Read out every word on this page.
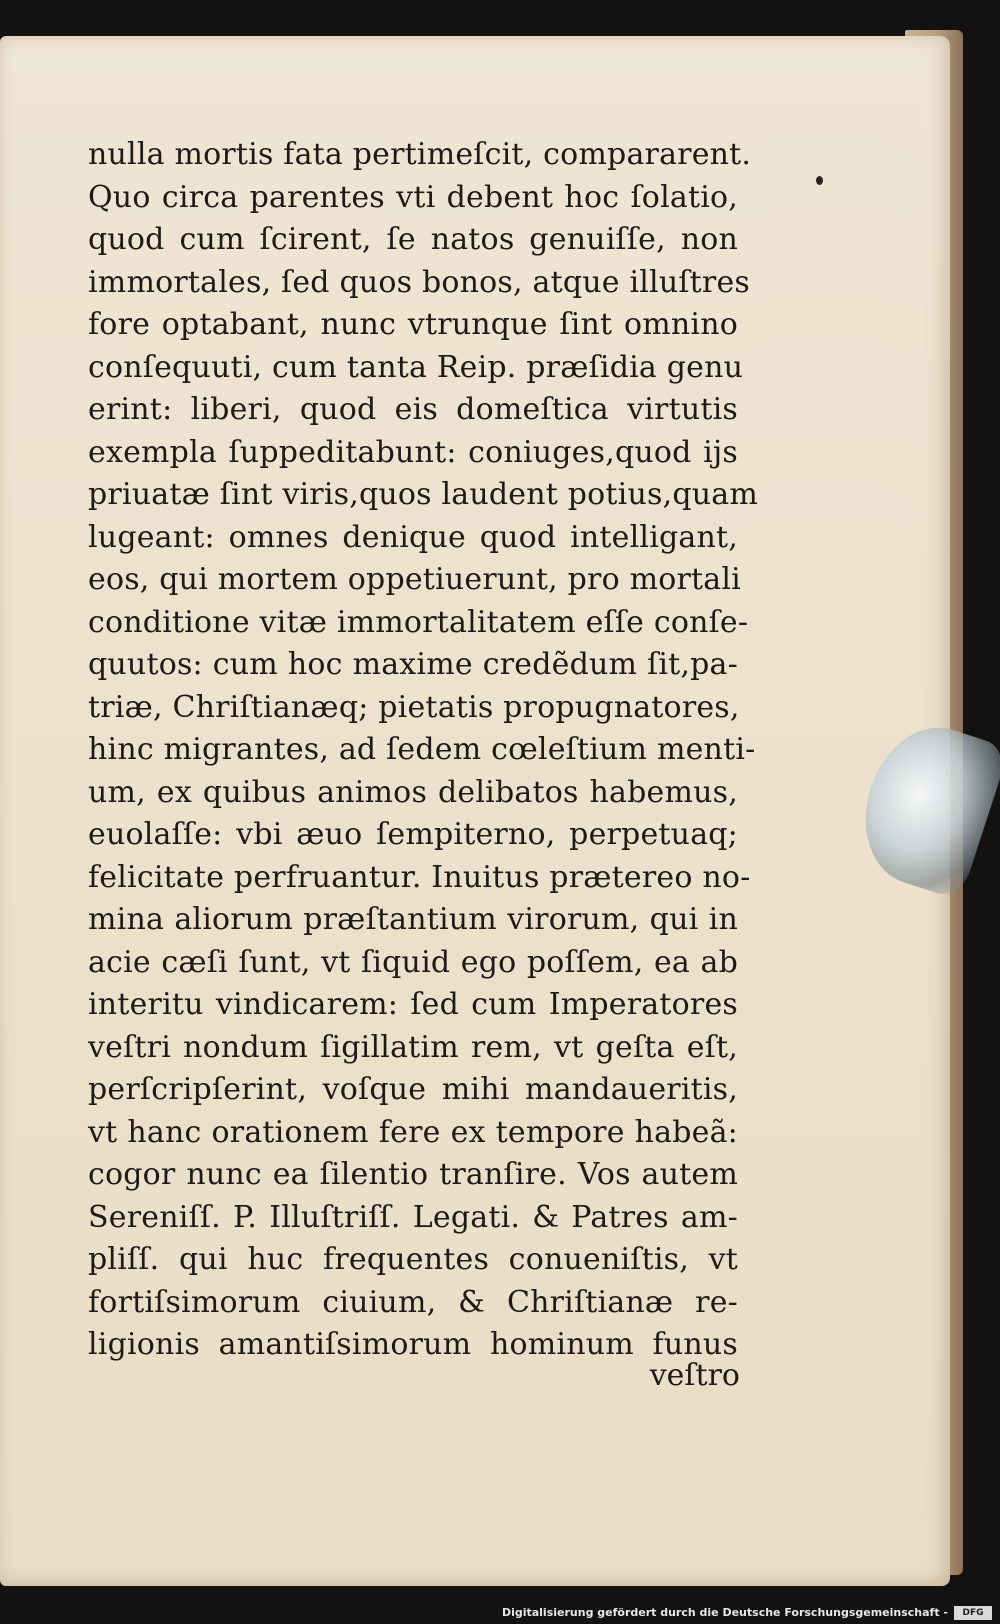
nulla mortis fata pertimeſcit, compararent.
Quo circa parentes vti debent hoc ſolatio,
quod cum ſcirent, ſe natos genuiſſe, non
immortales, ſed quos bonos, atque illuſtres
fore optabant, nunc vtrunque ſint omnino
conſequuti, cum tanta Reip. præſidia genu
erint: liberi, quod eis domeſtica virtutis
exempla ſuppeditabunt: coniuges,quod ijs
priuatæ ſint viris,quos laudent potius,quam
lugeant: omnes denique quod intelligant,
eos, qui mortem oppetiuerunt, pro mortali
conditione vitæ immortalitatem eſſe conſe-
quutos: cum hoc maxime credẽdum ſit,pa-
triæ, Chriſtianæq; pietatis propugnatores,
hinc migrantes, ad ſedem cœleſtium menti-
um, ex quibus animos delibatos habemus,
euolaſſe: vbi æuo ſempiterno, perpetuaq;
felicitate perfruantur. Inuitus prætereo no-
mina aliorum præſtantium virorum, qui in
acie cæſi ſunt, vt ſiquid ego poſſem, ea ab
interitu vindicarem: ſed cum Imperatores
veſtri nondum ſigillatim rem, vt geſta eſt,
perſcripſerint, voſque mihi mandaueritis,
vt hanc orationem fere ex tempore habeã:
cogor nunc ea ſilentio tranſire. Vos autem
Sereniſſ. P. Illuſtriſſ. Legati. & Patres am-
pliſſ. qui huc frequentes conueniſtis, vt
fortiſsimorum ciuium, & Chriſtianæ re-
ligionis amantiſsimorum hominum funus
veſtro
Digitalisierung gefördert durch die Deutsche Forschungsgemeinschaft -	DFG
